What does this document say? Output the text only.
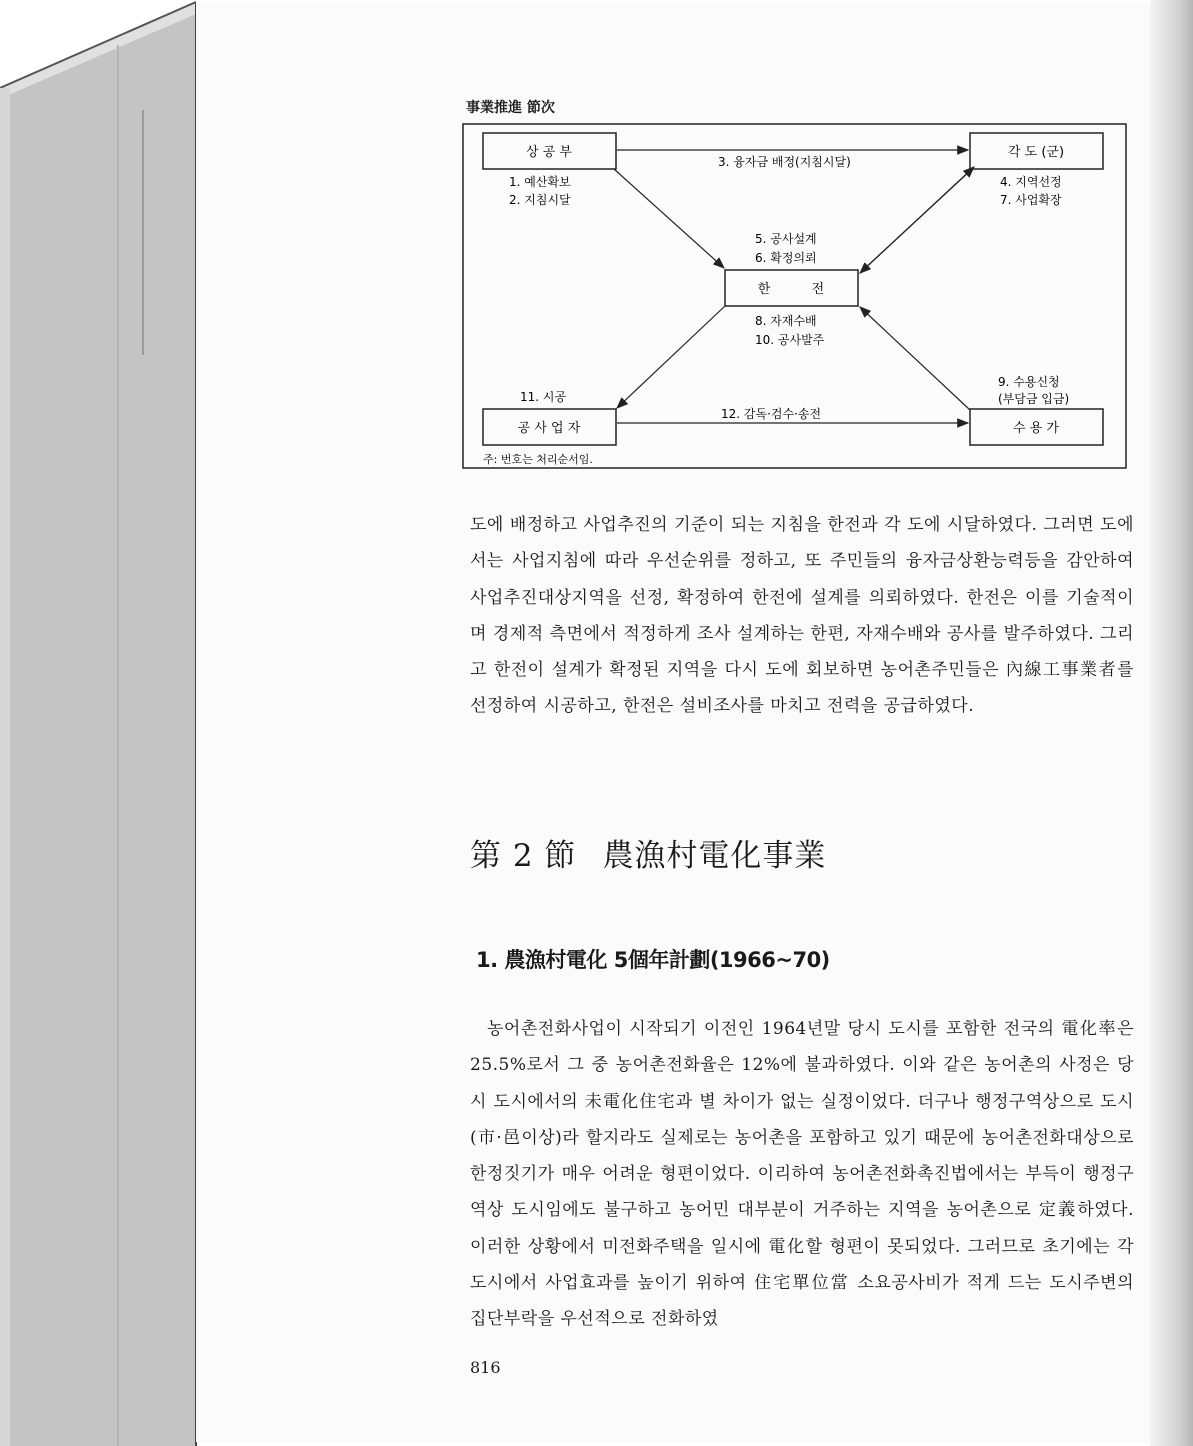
事業推進 節次
상 공 부	각 도 (군)
한          전
공 사 업 자	수 용 가
3. 융자금 배정(지침시달)
1. 예산확보
2. 지침시달
4. 지역선정
7. 사업확장
5. 공사설계
6. 확정의뢰
8. 자재수배
10. 공사발주
11. 시공
12. 감독·검수·송전
9. 수용신청
(부담금 입금)
주: 번호는 처리순서임.

도에 배정하고 사업추진의 기준이 되는 지침을 한전과 각 도에 시달하였다. 그러면 도에서는 사업지침에 따라 우선순위를 정하고, 또 주민들의 융자금상환능력등을 감안하여 사업추진대상지역을 선정, 확정하여 한전에 설계를 의뢰하였다. 한전은 이를 기술적이며 경제적 측면에서 적정하게 조사 설계하는 한편, 자재수배와 공사를 발주하였다. 그리고 한전이 설계가 확정된 지역을 다시 도에 회보하면 농어촌주민들은 內線工事業者를 선정하여 시공하고, 한전은 설비조사를 마치고 전력을 공급하였다.

第 2 節 農漁村電化事業
1. 農漁村電化 5個年計劃(1966~70)

농어촌전화사업이 시작되기 이전인 1964년말 당시 도시를 포함한 전국의 電化率은 25.5%로서 그 중 농어촌전화율은 12%에 불과하였다. 이와 같은 농어촌의 사정은 당시 도시에서의 未電化住宅과 별 차이가 없는 실정이었다. 더구나 행정구역상으로 도시(市·邑이상)라 할지라도 실제로는 농어촌을 포함하고 있기 때문에 농어촌전화대상으로 한정짓기가 매우 어려운 형편이었다. 이리하여 농어촌전화촉진법에서는 부득이 행정구역상 도시임에도 불구하고 농어민 대부분이 거주하는 지역을 농어촌으로 定義하였다. 이러한 상황에서 미전화주택을 일시에 電化할 형편이 못되었다. 그러므로 초기에는 각 도시에서 사업효과를 높이기 위하여 住宅單位當 소요공사비가 적게 드는 도시주변의 집단부락을 우선적으로 전화하였

816
